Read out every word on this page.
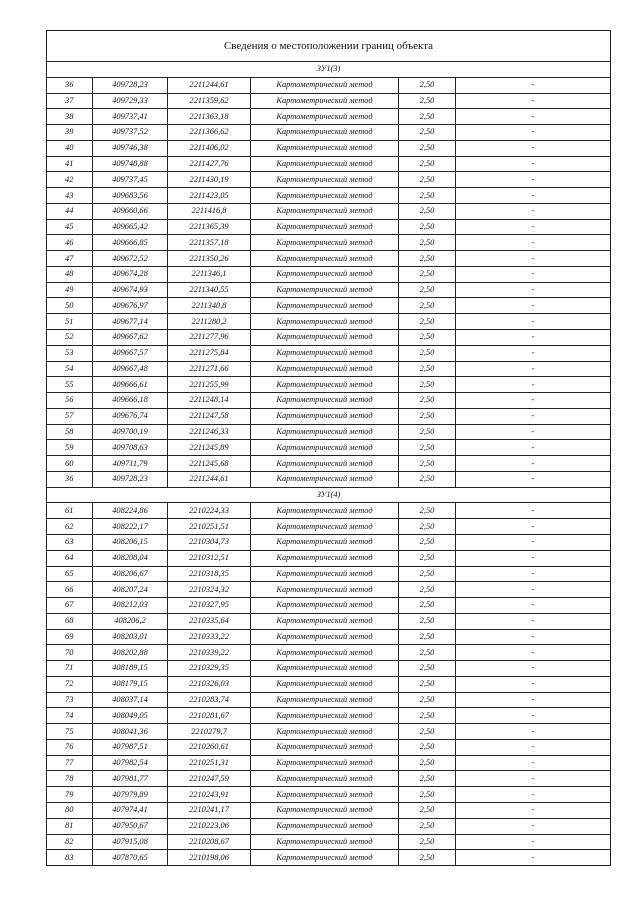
Сведения о местоположении границ объекта					
ЗУ1(3)					
36	409728,23	2211244,61	Картометрический метод	2,50	-
37	409729,33	2211359,62	Картометрический метод	2,50	-
38	409737,41	2211363,18	Картометрический метод	2,50	-
39	409737,52	2211366,62	Картометрический метод	2,50	-
40	409746,38	2211406,02	Картометрический метод	2,50	-
41	409748,88	2211427,76	Картометрический метод	2,50	-
42	409737,45	2211430,19	Картометрический метод	2,50	-
43	409683,56	2211423,05	Картометрический метод	2,50	-
44	409660,66	2211416,8	Картометрический метод	2,50	-
45	409665,42	2211365,39	Картометрический метод	2,50	-
46	409666,85	2211357,18	Картометрический метод	2,50	-
47	409672,52	2211350,26	Картометрический метод	2,50	-
48	409674,28	2211346,1	Картометрический метод	2,50	-
49	409674,93	2211340,55	Картометрический метод	2,50	-
50	409676,97	2211340,8	Картометрический метод	2,50	-
51	409677,14	2211280,2	Картометрический метод	2,50	-
52	409667,62	2211277,96	Картометрический метод	2,50	-
53	409667,57	2211275,84	Картометрический метод	2,50	-
54	409667,48	2211271,66	Картометрический метод	2,50	-
55	409666,61	2211255,99	Картометрический метод	2,50	-
56	409666,18	2211248,14	Картометрический метод	2,50	-
57	409676,74	2211247,58	Картометрический метод	2,50	-
58	409700,19	2211246,33	Картометрический метод	2,50	-
59	409708,63	2211245,89	Картометрический метод	2,50	-
60	409711,79	2211245,68	Картометрический метод	2,50	-
36	409728,23	2211244,61	Картометрический метод	2,50	-
ЗУ1(4)					
61	408224,86	2210224,33	Картометрический метод	2,50	-
62	408222,17	2210251,51	Картометрический метод	2,50	-
63	408206,15	2210304,73	Картометрический метод	2,50	-
64	408208,04	2210312,51	Картометрический метод	2,50	-
65	408206,67	2210318,35	Картометрический метод	2,50	-
66	408207,24	2210324,32	Картометрический метод	2,50	-
67	408212,03	2210327,95	Картометрический метод	2,50	-
68	408206,2	2210335,64	Картометрический метод	2,50	-
69	408203,01	2210333,22	Картометрический метод	2,50	-
70	408202,88	2210339,22	Картометрический метод	2,50	-
71	408189,15	2210329,35	Картометрический метод	2,50	-
72	408179,15	2210326,03	Картометрический метод	2,50	-
73	408037,14	2210283,74	Картометрический метод	2,50	-
74	408049,05	2210281,67	Картометрический метод	2,50	-
75	408041,36	2210279,7	Картометрический метод	2,50	-
76	407987,51	2210260,61	Картометрический метод	2,50	-
77	407982,54	2210251,31	Картометрический метод	2,50	-
78	407981,77	2210247,59	Картометрический метод	2,50	-
79	407979,89	2210243,91	Картометрический метод	2,50	-
80	407974,41	2210241,17	Картометрический метод	2,50	-
81	407950,67	2210223,06	Картометрический метод	2,50	-
82	407915,08	2210208,67	Картометрический метод	2,50	-
83	407870,65	2210198,06	Картометрический метод	2,50	-
